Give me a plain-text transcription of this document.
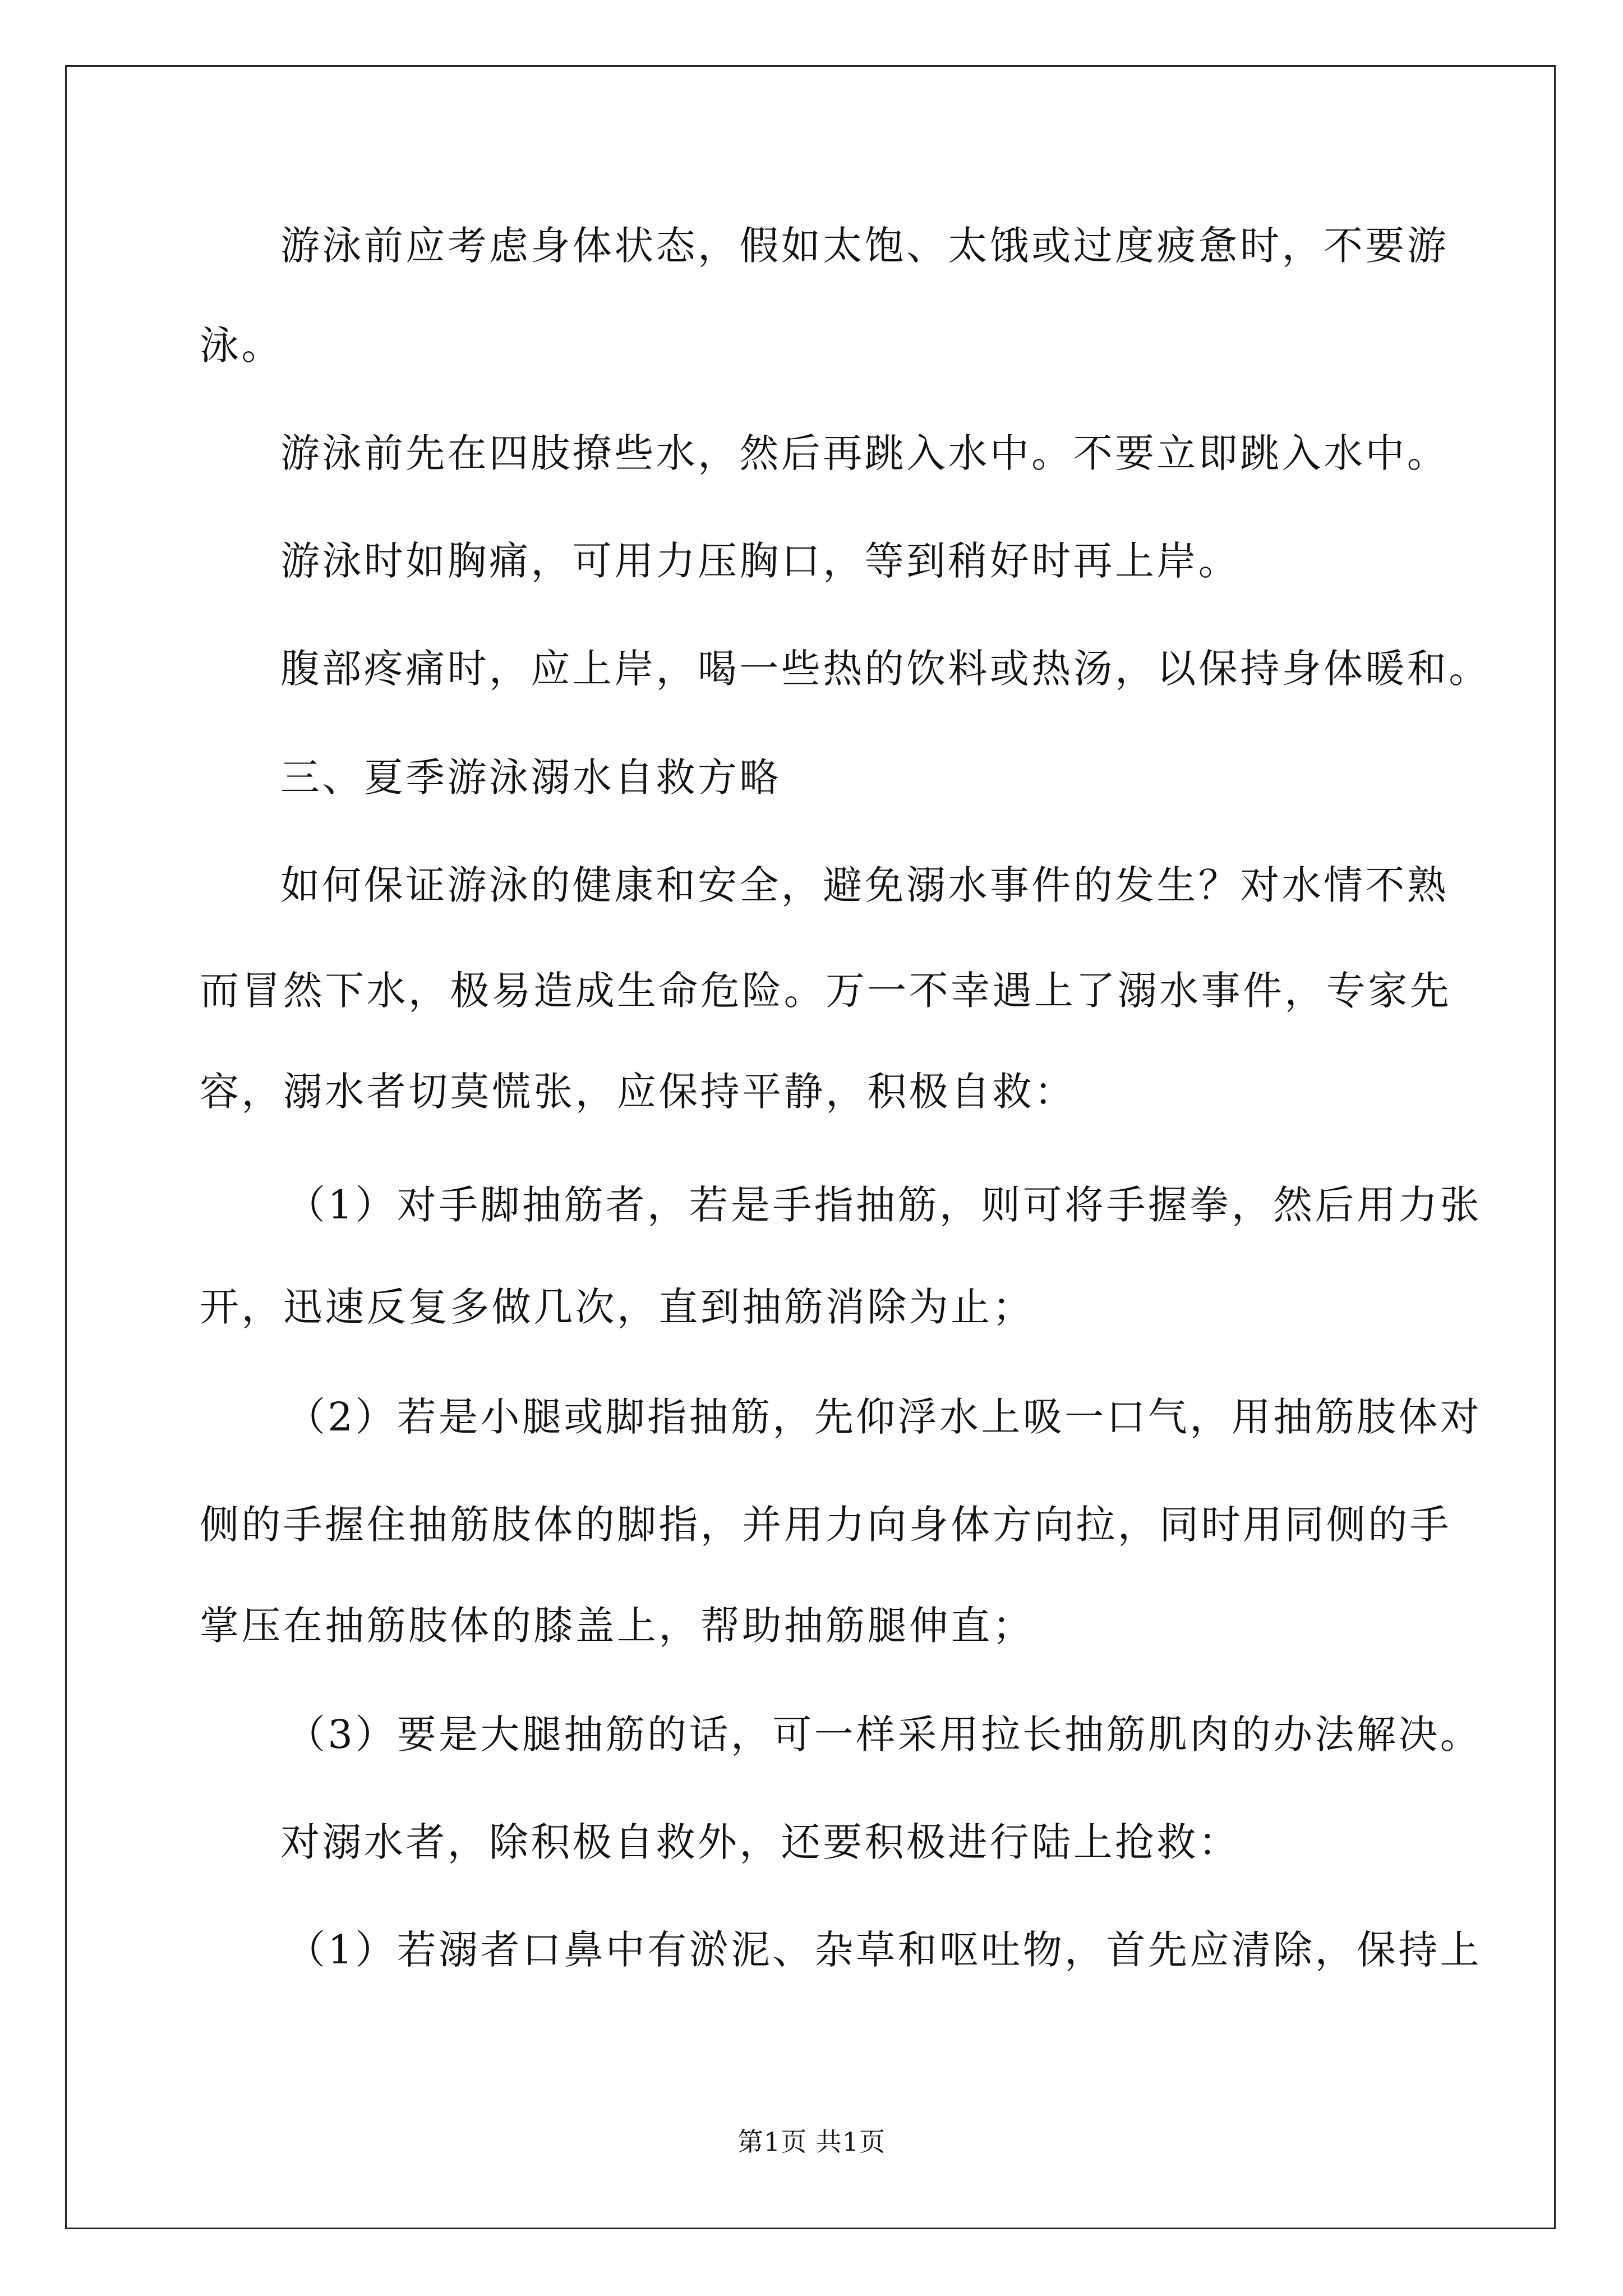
游泳前应考虑身体状态，假如太饱、太饿或过度疲惫时，不要游
泳。
游泳前先在四肢撩些水，然后再跳入水中。不要立即跳入水中。
游泳时如胸痛，可用力压胸口，等到稍好时再上岸。
腹部疼痛时，应上岸，喝一些热的饮料或热汤，以保持身体暖和。
三、夏季游泳溺水自救方略
如何保证游泳的健康和安全，避免溺水事件的发生？对水情不熟
而冒然下水，极易造成生命危险。万一不幸遇上了溺水事件，专家先
容，溺水者切莫慌张，应保持平静，积极自救：
（1）对手脚抽筋者，若是手指抽筋，则可将手握拳，然后用力张
开，迅速反复多做几次，直到抽筋消除为止；
（2）若是小腿或脚指抽筋，先仰浮水上吸一口气，用抽筋肢体对
侧的手握住抽筋肢体的脚指，并用力向身体方向拉，同时用同侧的手
掌压在抽筋肢体的膝盖上，帮助抽筋腿伸直；
（3）要是大腿抽筋的话，可一样采用拉长抽筋肌肉的办法解决。
对溺水者，除积极自救外，还要积极进行陆上抢救：
（1）若溺者口鼻中有淤泥、杂草和呕吐物，首先应清除，保持上
第1页 共1页
